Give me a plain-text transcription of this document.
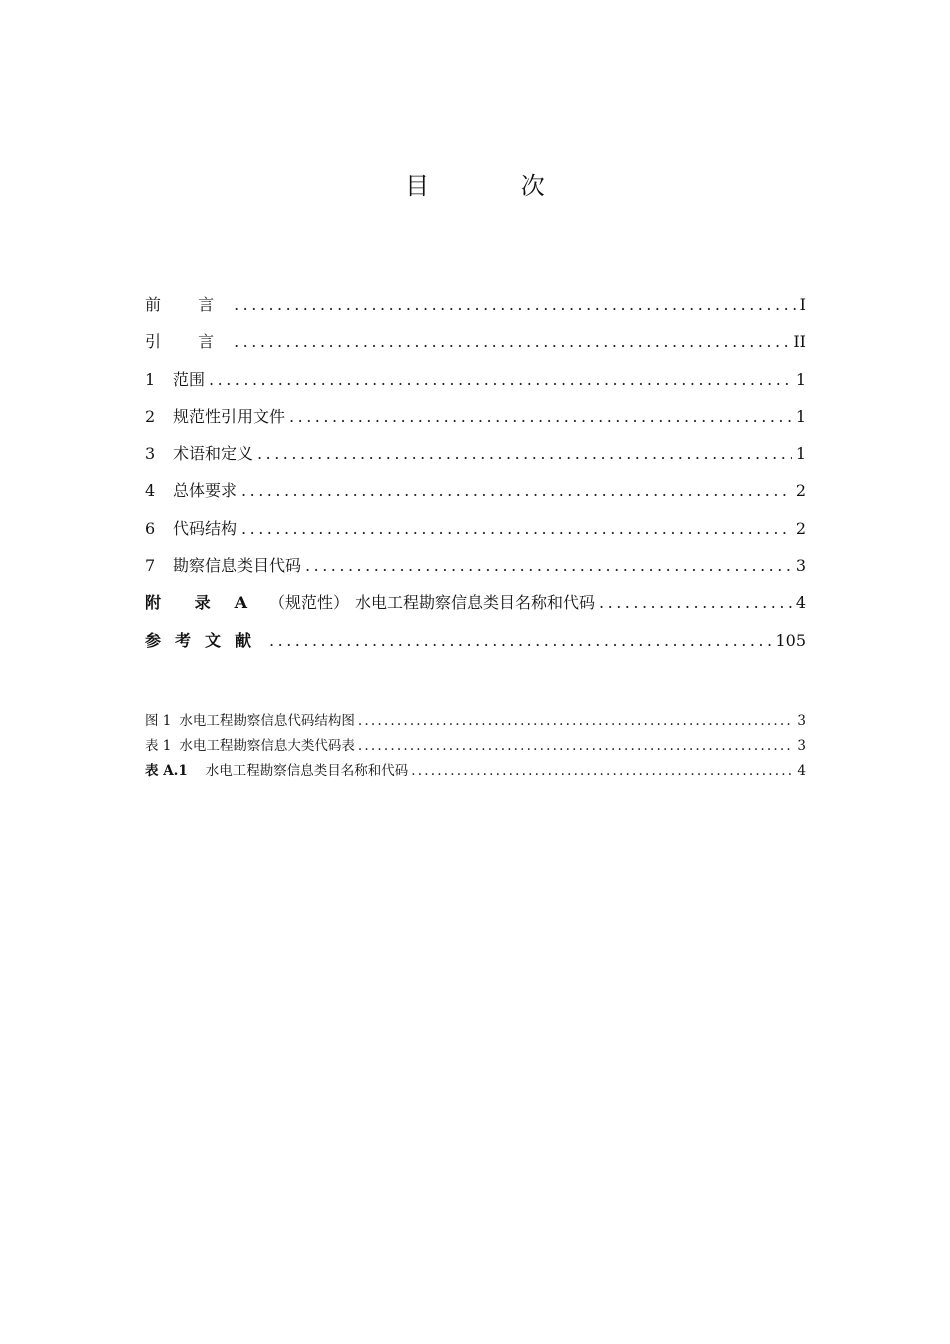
目 次
前 言 .....	I
引 言 .....	II
1	范围 .....	1
2	规范性引用文件 .....	1
3	术语和定义 .....	1
4	总体要求 .....	2
6	代码结构 .....	2
7	勘察信息类目代码 .....	3
附 录 A （规范性） 水电工程勘察信息类目名称和代码 .....	4
参考文献 .....	105
图 1 水电工程勘察信息代码结构图 .....	3
表 1 水电工程勘察信息大类代码表 .....	3
表 A.1 水电工程勘察信息类目名称和代码 .....	4
